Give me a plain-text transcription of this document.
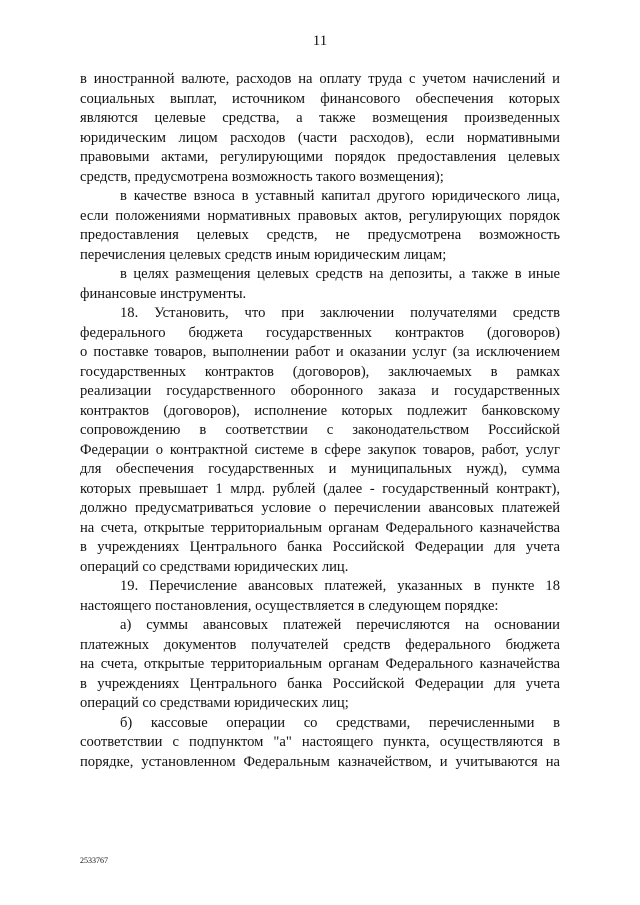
11
в иностранной валюте, расходов на оплату труда с учетом начислений и
социальных выплат, источником финансового обеспечения которых
являются целевые средства, а также возмещения произведенных
юридическим лицом расходов (части расходов), если нормативными
правовыми актами, регулирующими порядок предоставления целевых
средств, предусмотрена возможность такого возмещения);
в качестве взноса в уставный капитал другого юридического лица,
если положениями нормативных правовых актов, регулирующих порядок
предоставления целевых средств, не предусмотрена возможность
перечисления целевых средств иным юридическим лицам;
в целях размещения целевых средств на депозиты, а также в иные
финансовые инструменты.
18. Установить, что при заключении получателями средств
федерального бюджета государственных контрактов (договоров)
о поставке товаров, выполнении работ и оказании услуг (за исключением
государственных контрактов (договоров), заключаемых в рамках
реализации государственного оборонного заказа и государственных
контрактов (договоров), исполнение которых подлежит банковскому
сопровождению в соответствии с законодательством Российской
Федерации о контрактной системе в сфере закупок товаров, работ, услуг
для обеспечения государственных и муниципальных нужд), сумма
которых превышает 1 млрд. рублей (далее - государственный контракт),
должно предусматриваться условие о перечислении авансовых платежей
на счета, открытые территориальным органам Федерального казначейства
в учреждениях Центрального банка Российской Федерации для учета
операций со средствами юридических лиц.
19. Перечисление авансовых платежей, указанных в пункте 18
настоящего постановления, осуществляется в следующем порядке:
а) суммы авансовых платежей перечисляются на основании
платежных документов получателей средств федерального бюджета
на счета, открытые территориальным органам Федерального казначейства
в учреждениях Центрального банка Российской Федерации для учета
операций со средствами юридических лиц;
б) кассовые операции со средствами, перечисленными в
соответствии с подпунктом "а" настоящего пункта, осуществляются в
порядке, установленном Федеральным казначейством, и учитываются на
2533767
